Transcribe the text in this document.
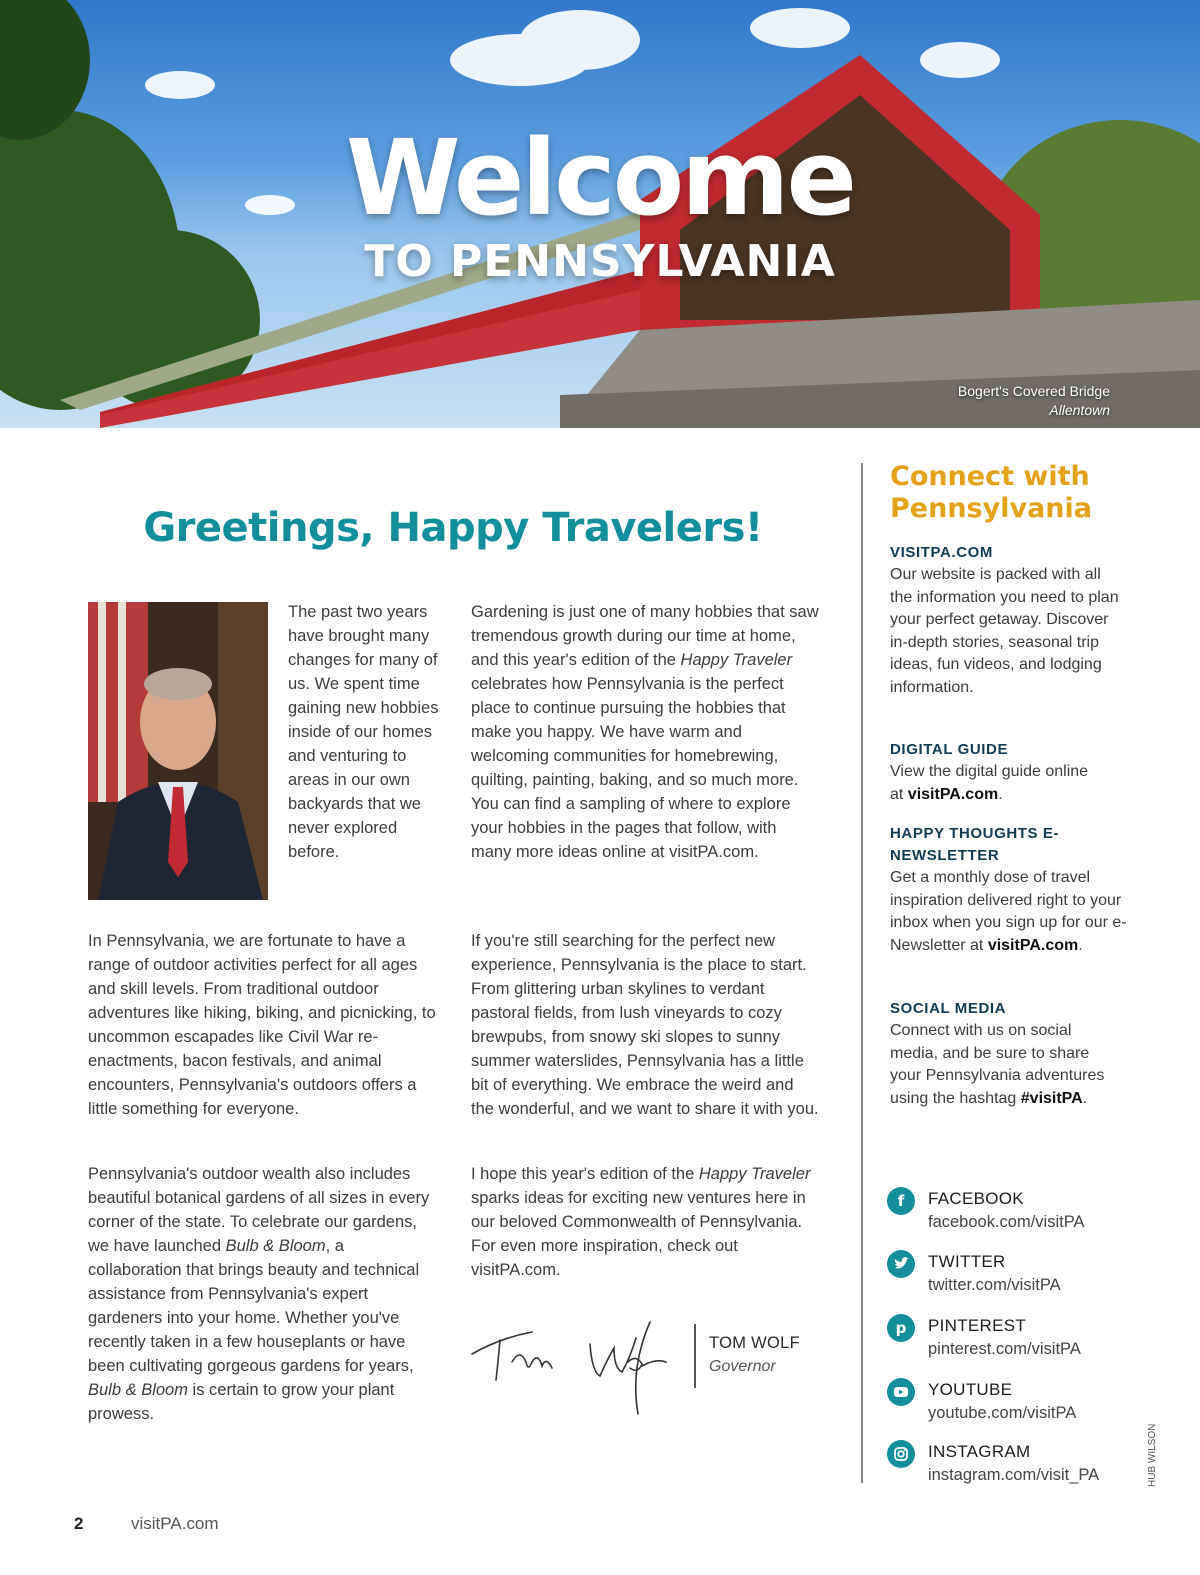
Welcome
TO PENNSYLVANIA
Bogert's Covered Bridge
Allentown
Greetings, Happy Travelers!

The past two years have brought many changes for many of us. We spent time gaining new hobbies inside of our homes and venturing to areas in our own backyards that we never explored before.

In Pennsylvania, we are fortunate to have a range of outdoor activities perfect for all ages and skill levels. From traditional outdoor adventures like hiking, biking, and picnicking, to uncommon escapades like Civil War re-enactments, bacon festivals, and animal encounters, Pennsylvania's outdoors offers a little something for everyone.

Pennsylvania's outdoor wealth also includes beautiful botanical gardens of all sizes in every corner of the state. To celebrate our gardens, we have launched Bulb & Bloom, a collaboration that brings beauty and technical assistance from Pennsylvania's expert gardeners into your home. Whether you've recently taken in a few houseplants or have been cultivating gorgeous gardens for years, Bulb & Bloom is certain to grow your plant prowess.

Gardening is just one of many hobbies that saw tremendous growth during our time at home, and this year's edition of the Happy Traveler celebrates how Pennsylvania is the perfect place to continue pursuing the hobbies that make you happy. We have warm and welcoming communities for homebrewing, quilting, painting, baking, and so much more. You can find a sampling of where to explore your hobbies in the pages that follow, with many more ideas online at visitPA.com.

If you're still searching for the perfect new experience, Pennsylvania is the place to start. From glittering urban skylines to verdant pastoral fields, from lush vineyards to cozy brewpubs, from snowy ski slopes to sunny summer waterslides, Pennsylvania has a little bit of everything. We embrace the weird and the wonderful, and we want to share it with you.

I hope this year's edition of the Happy Traveler sparks ideas for exciting new ventures here in our beloved Commonwealth of Pennsylvania. For even more inspiration, check out visitPA.com.

TOM WOLF
Governor
Connect with Pennsylvania
VISITPA.COM
Our website is packed with all the information you need to plan your perfect getaway. Discover in-depth stories, seasonal trip ideas, fun videos, and lodging information.
DIGITAL GUIDE
View the digital guide online at visitPA.com.
HAPPY THOUGHTS E-NEWSLETTER
Get a monthly dose of travel inspiration delivered right to your inbox when you sign up for our e-Newsletter at visitPA.com.
SOCIAL MEDIA
Connect with us on social media, and be sure to share your Pennsylvania adventures using the hashtag #visitPA.
f	FACEBOOK
facebook.com/visitPA
TWITTER
twitter.com/visitPA
p	PINTEREST
pinterest.com/visitPA
YOUTUBE
youtube.com/visitPA
INSTAGRAM
instagram.com/visit_PA	HUB WILSON
2	visitPA.com
